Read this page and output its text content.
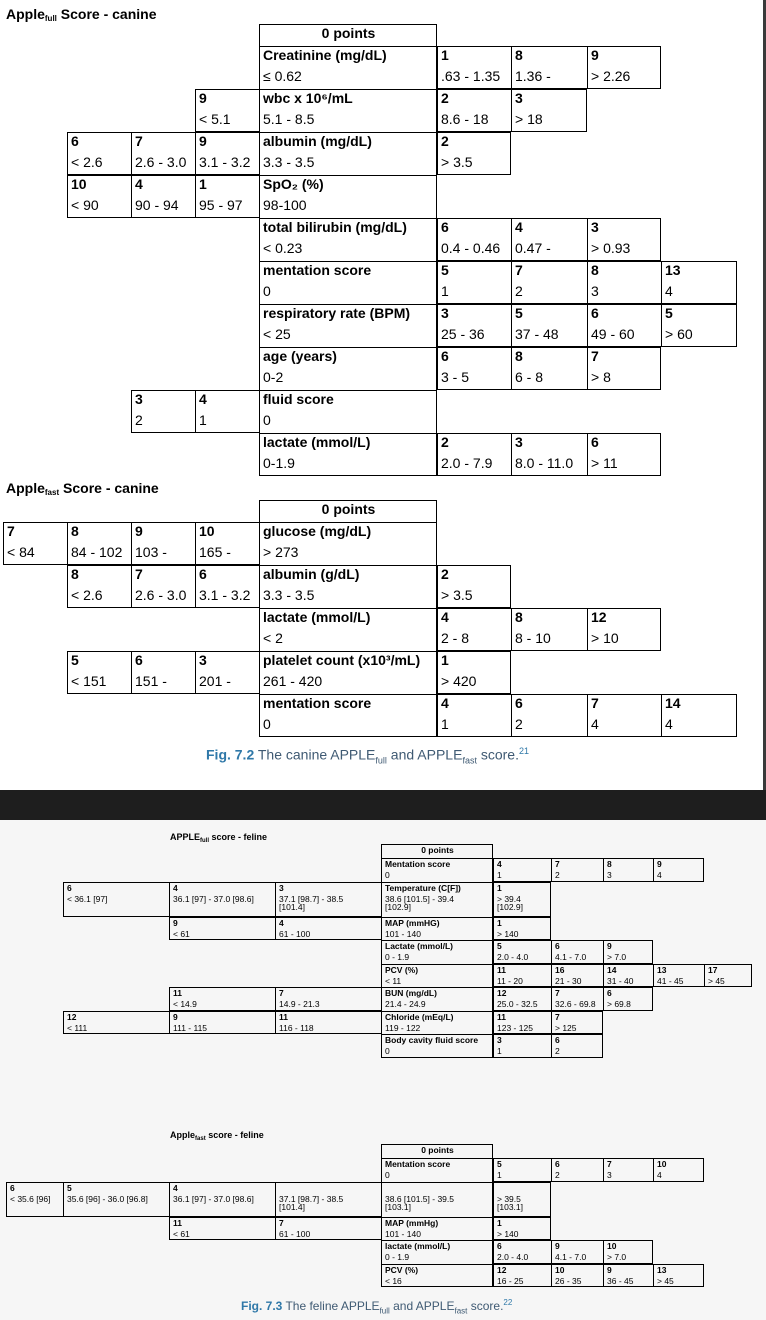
Apple$_{full}$ Score - canine
0 points
Creatinine (mg/dL)
≤ 0.62
1
.63 - 1.35
8
1.36 -
9
> 2.26
wbc x 10⁶/mL
5.1 - 8.5
2
8.6 - 18
3
> 18
9
< 5.1
albumin (mg/dL)
3.3 - 3.5
2
> 3.5
6
< 2.6
7
2.6 - 3.0
9
3.1 - 3.2
SpO₂ (%)
98-100
10
< 90
4
90 - 94
1
95 - 97
total bilirubin (mg/dL)
< 0.23
6
0.4 - 0.46
4
0.47 -
3
> 0.93
mentation score
0
5
1
7
2
8
3
13
4
respiratory rate (BPM)
< 25
3
25 - 36
5
37 - 48
6
49 - 60
5
> 60
age (years)
0-2
6
3 - 5
8
6 - 8
7
> 8
fluid score
0
3
2
4
1
lactate (mmol/L)
0-1.9
2
2.0 - 7.9
3
8.0 - 11.0
6
> 11
Apple$_{fast}$ Score - canine
0 points
glucose (mg/dL)
> 273
7
< 84
8
84 - 102
9
103 -
10
165 -
albumin (g/dL)
3.3 - 3.5
2
> 3.5
8
< 2.6
7
2.6 - 3.0
6
3.1 - 3.2
lactate (mmol/L)
< 2
4
2 - 8
8
8 - 10
12
> 10
platelet count (x10³/mL)
261 - 420
1
> 420
5
< 151
6
151 -
3
201 -
mentation score
0
4
1
6
2
7
4
14
4
Fig. 7.2 The canine $APPLE_{full}$ and $APPLE_{fast}$ score.$^{21}$
$APPLE_{full}$ score - feline
0 points
Mentation score
0
4
1
7
2
8
3
9
4
Temperature (C[F])
38.6 [101.5] - 39.4
[102.9]
1
> 39.4
[102.9]
6
< 36.1 [97]
4
36.1 [97] - 37.0 [98.6]
3
37.1 [98.7] - 38.5
[101.4]
MAP (mmHG)
101 - 140
1
> 140
9
< 61
4
61 - 100
Lactate (mmol/L)
0 - 1.9
5
2.0 - 4.0
6
4.1 - 7.0
9
> 7.0
PCV (%)
< 11
11
11 - 20
16
21 - 30
14
31 - 40
13
41 - 45
17
> 45
BUN (mg/dL)
21.4 - 24.9
12
25.0 - 32.5
7
32.6 - 69.8
6
> 69.8
11
< 14.9
7
14.9 - 21.3
Chloride (mEq/L)
119 - 122
11
123 - 125
7
> 125
12
< 111
9
111 - 115
11
116 - 118
Body cavity fluid score
0
3
1
6
2
Apple$_{fast}$ score - feline
0 points
Mentation score
0
5
1
6
2
7
3
10
4
38.6 [101.5] - 39.5
[103.1]
> 39.5
[103.1]
6
< 35.6 [96]
5
35.6 [96] - 36.0 [96.8]
4
36.1 [97] - 37.0 [98.6]	37.1 [98.7] - 38.5
[101.4]
MAP (mmHg)
101 - 140
1
> 140
11
< 61
7
61 - 100
lactate (mmol/L)
0 - 1.9
6
2.0 - 4.0
9
4.1 - 7.0
10
> 7.0
PCV (%)
< 16
12
16 - 25
10
26 - 35
9
36 - 45
13
> 45
Fig. 7.3 The feline $APPLE_{full}$ and $APPLE_{fast}$ score.$^{22}$
